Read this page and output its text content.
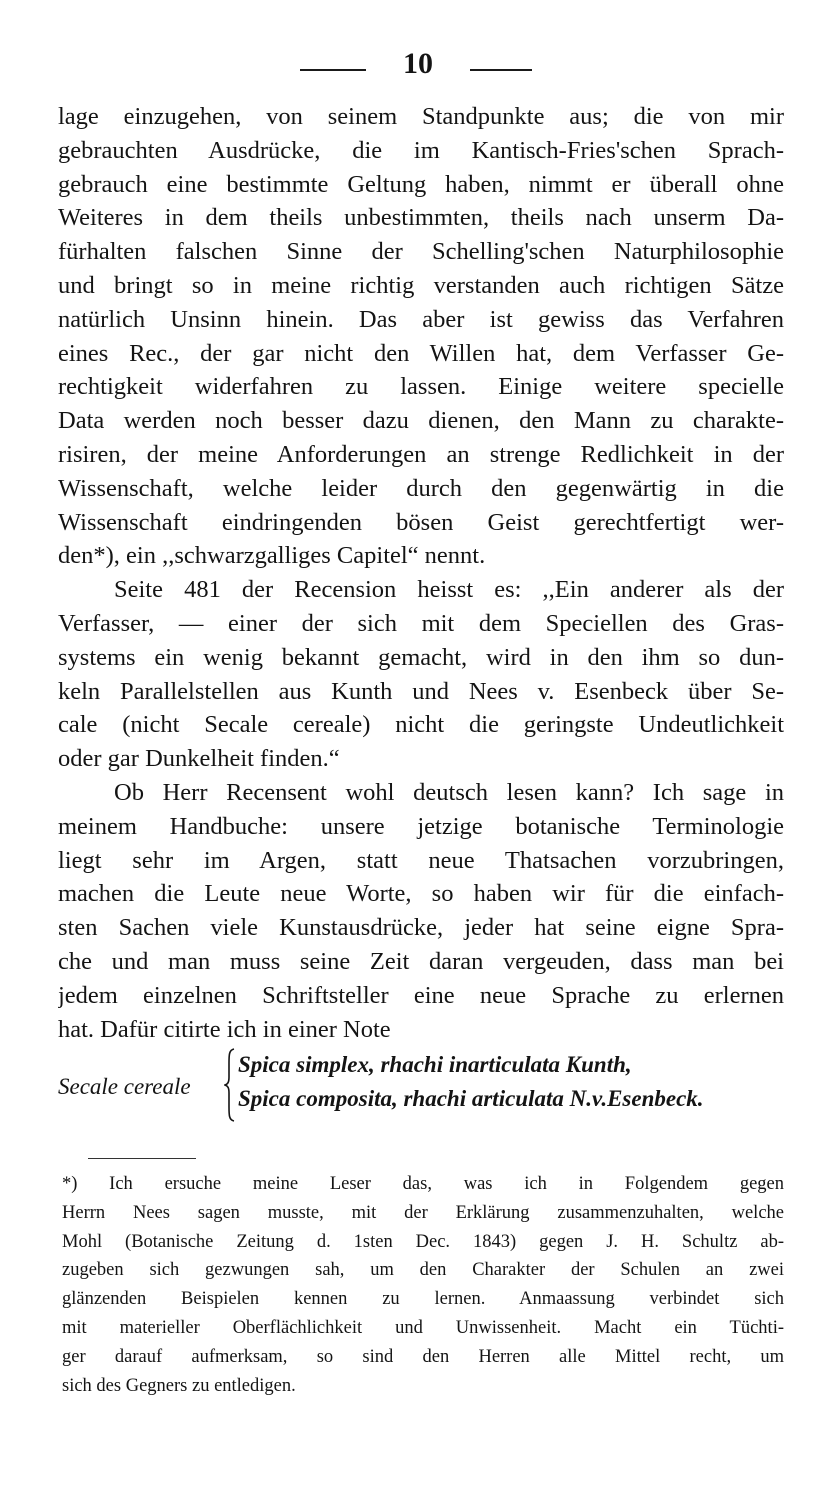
10
lage einzugehen, von seinem Standpunkte aus; die von mir
gebrauchten Ausdrücke, die im Kantisch-Fries'schen Sprach-
gebrauch eine bestimmte Geltung haben, nimmt er überall ohne
Weiteres in dem theils unbestimmten, theils nach unserm Da-
fürhalten falschen Sinne der Schelling'schen Naturphilosophie
und bringt so in meine richtig verstanden auch richtigen Sätze
natürlich Unsinn hinein. Das aber ist gewiss das Verfahren
eines Rec., der gar nicht den Willen hat, dem Verfasser Ge-
rechtigkeit widerfahren zu lassen. Einige weitere specielle
Data werden noch besser dazu dienen, den Mann zu charakte-
risiren, der meine Anforderungen an strenge Redlichkeit in der
Wissenschaft, welche leider durch den gegenwärtig in die
Wissenschaft eindringenden bösen Geist gerechtfertigt wer-
den*), ein ,,schwarzgalliges Capitel“ nennt.
Seite 481 der Recension heisst es: ,,Ein anderer als der
Verfasser, — einer der sich mit dem Speciellen des Gras-
systems ein wenig bekannt gemacht, wird in den ihm so dun-
keln Parallelstellen aus Kunth und Nees v. Esenbeck über Se-
cale (nicht Secale cereale) nicht die geringste Undeutlichkeit
oder gar Dunkelheit finden.“
Ob Herr Recensent wohl deutsch lesen kann? Ich sage in
meinem Handbuche: unsere jetzige botanische Terminologie
liegt sehr im Argen, statt neue Thatsachen vorzubringen,
machen die Leute neue Worte, so haben wir für die einfach-
sten Sachen viele Kunstausdrücke, jeder hat seine eigne Spra-
che und man muss seine Zeit daran vergeuden, dass man bei
jedem einzelnen Schriftsteller eine neue Sprache zu erlernen
hat. Dafür citirte ich in einer Note
Secale cereale
Spica simplex, rhachi inarticulata Kunth,
Spica composita, rhachi articulata N.v.Esenbeck.
*) Ich ersuche meine Leser das, was ich in Folgendem gegen
Herrn Nees sagen musste, mit der Erklärung zusammenzuhalten, welche
Mohl (Botanische Zeitung d. 1sten Dec. 1843) gegen J. H. Schultz ab-
zugeben sich gezwungen sah, um den Charakter der Schulen an zwei
glänzenden Beispielen kennen zu lernen. Anmaassung verbindet sich
mit materieller Oberflächlichkeit und Unwissenheit. Macht ein Tüchti-
ger darauf aufmerksam, so sind den Herren alle Mittel recht, um
sich des Gegners zu entledigen.
